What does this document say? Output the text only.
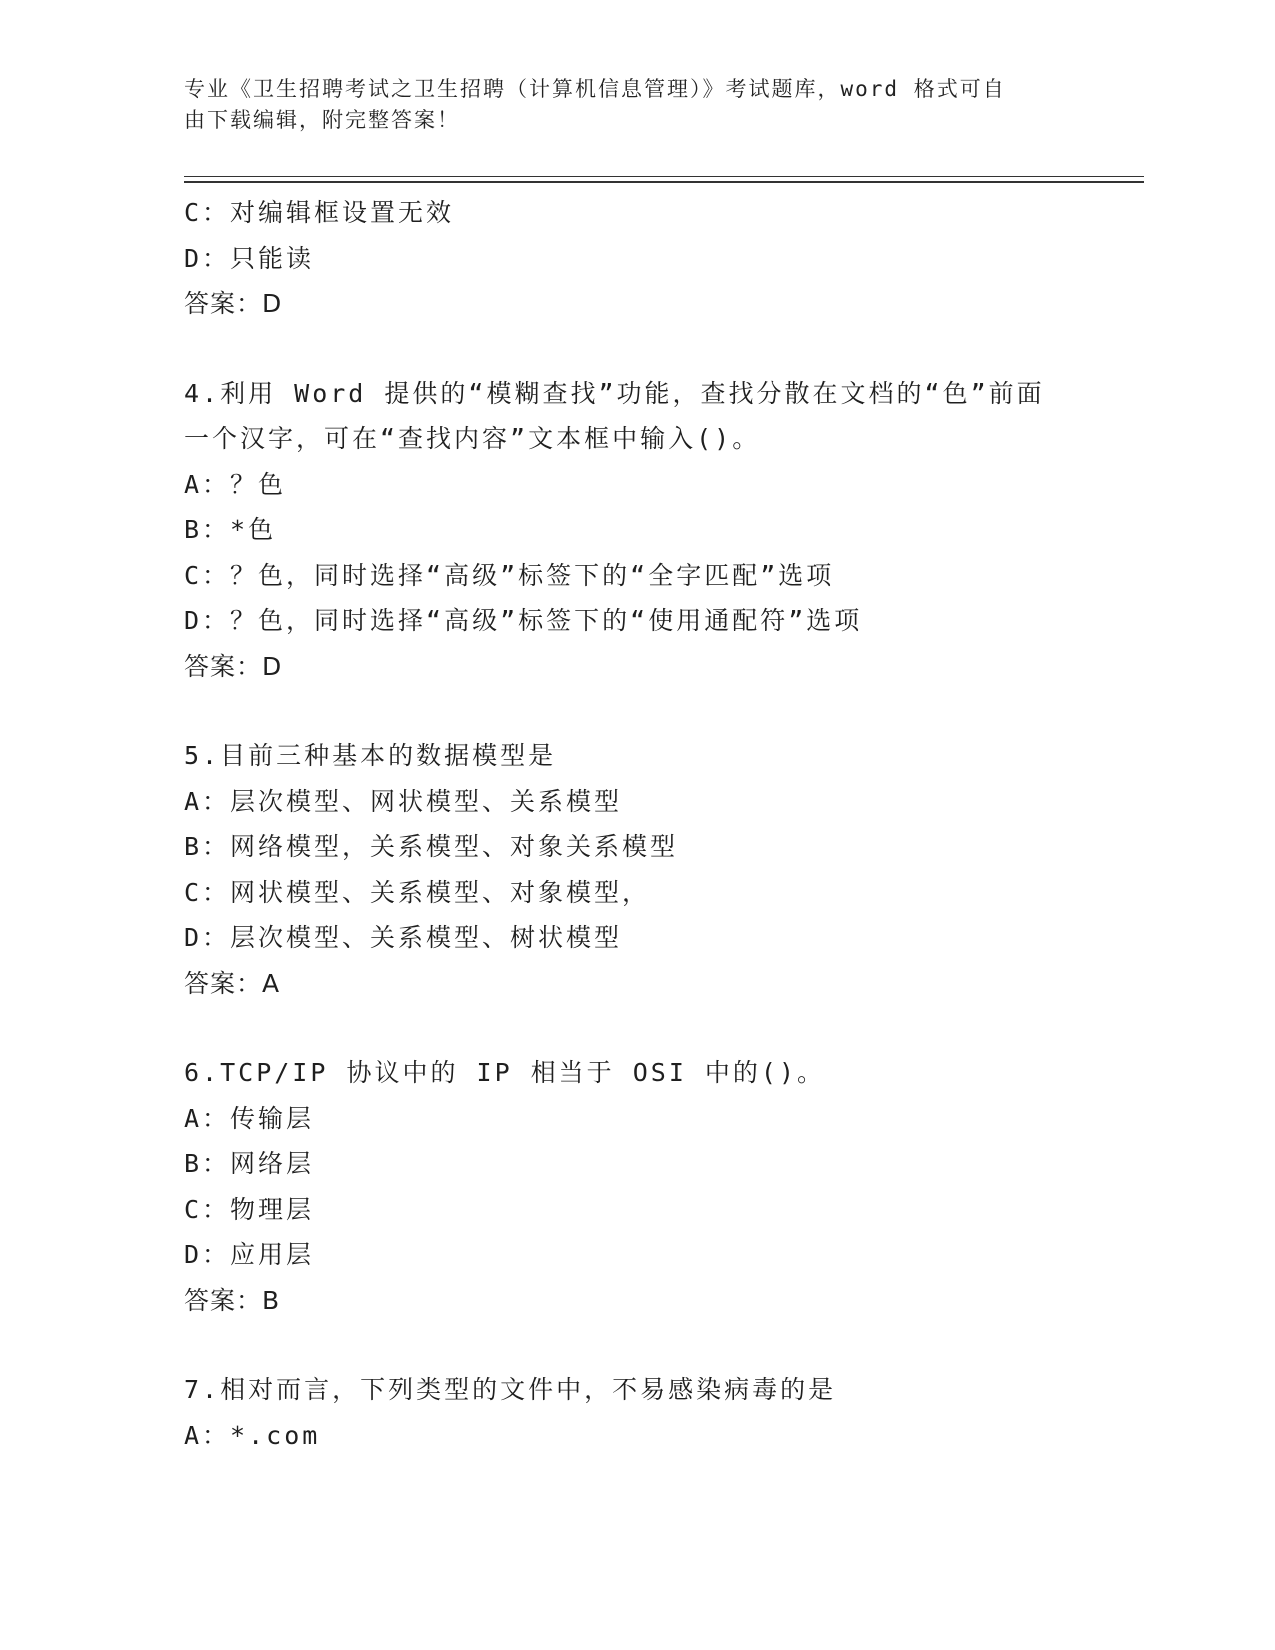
专业《卫生招聘考试之卫生招聘（计算机信息管理）》考试题库，word 格式可自
由下载编辑，附完整答案！
C：对编辑框设置无效
D：只能读
答案：D
4.利用 Word 提供的“模糊查找”功能，查找分散在文档的“色”前面
一个汉字，可在“查找内容”文本框中输入()。
A：？色
B：*色
C：？色，同时选择“高级”标签下的“全字匹配”选项
D：？色，同时选择“高级”标签下的“使用通配符”选项
答案：D
5.目前三种基本的数据模型是
A：层次模型、网状模型、关系模型
B：网络模型，关系模型、对象关系模型
C：网状模型、关系模型、对象模型，
D：层次模型、关系模型、树状模型
答案：A
6.TCP/IP 协议中的 IP 相当于 OSI 中的()。
A：传输层
B：网络层
C：物理层
D：应用层
答案：B
7.相对而言，下列类型的文件中，不易感染病毒的是
A：*.com
